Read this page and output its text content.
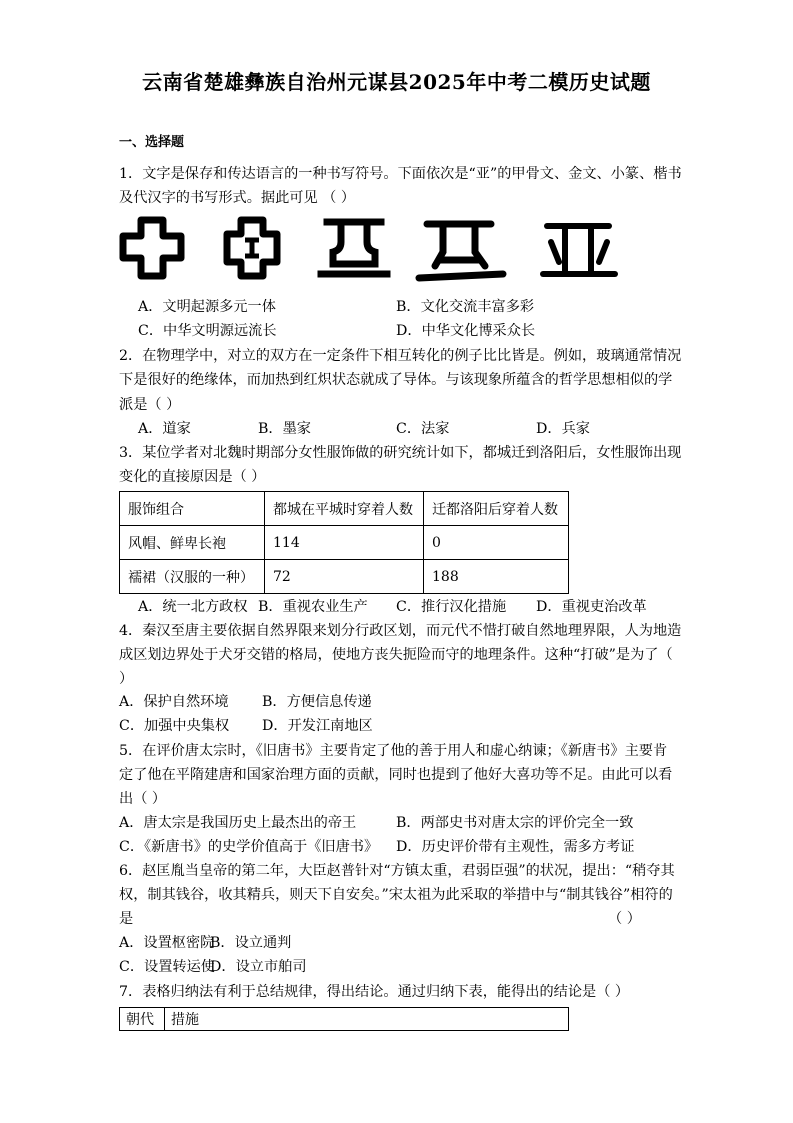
云南省楚雄彝族自治州元谋县2025年中考二模历史试题
一、选择题
1．文字是保存和传达语言的一种书写符号。下面依次是“亚”的甲骨文、金文、小篆、楷书
及代汉字的书写形式。据此可见 （ ）
A．文明起源多元一体	B．文化交流丰富多彩
C．中华文明源远流长	D．中华文化博采众长
2．在物理学中，对立的双方在一定条件下相互转化的例子比比皆是。例如，玻璃通常情况
下是很好的绝缘体，而加热到红炽状态就成了导体。与该现象所蕴含的哲学思想相似的学
派是（ ）
A．道家	B．墨家	C．法家	D．兵家
3．某位学者对北魏时期部分女性服饰做的研究统计如下，都城迁到洛阳后，女性服饰出现
变化的直接原因是（ ）
服饰组合	都城在平城时穿着人数	迁都洛阳后穿着人数
风帽、鲜卑长袍	114	0
襦裙（汉服的一种）	72	188
A．统一北方政权 B．重视农业生产 C．推行汉化措施 D．重视吏治改革
4．秦汉至唐主要依据自然界限来划分行政区划，而元代不惜打破自然地理界限，人为地造
成区划边界处于犬牙交错的格局，使地方丧失扼险而守的地理条件。这种“打破”是为了（
）
A．保护自然环境 B．方便信息传递
C．加强中央集权 D．开发江南地区
5．在评价唐太宗时，《旧唐书》主要肯定了他的善于用人和虚心纳谏；《新唐书》主要肯
定了他在平隋建唐和国家治理方面的贡献，同时也提到了他好大喜功等不足。由此可以看
出（ ）
A．唐太宗是我国历史上最杰出的帝王	B．两部史书对唐太宗的评价完全一致
C．《新唐书》的史学价值高于《旧唐书》 D．历史评价带有主观性，需多方考证
6．赵匡胤当皇帝的第二年，大臣赵普针对“方镇太重，君弱臣强”的状况，提出：“稍夺其
权，制其钱谷，收其精兵，则天下自安矣。”宋太祖为此采取的举措中与“制其钱谷”相符的
是	（ ）
A．设置枢密院
B．设立通判
C．设置转运使
D．设立市舶司
7．表格归纳法有利于总结规律，得出结论。通过归纳下表，能得出的结论是（ ）
朝代	措施
